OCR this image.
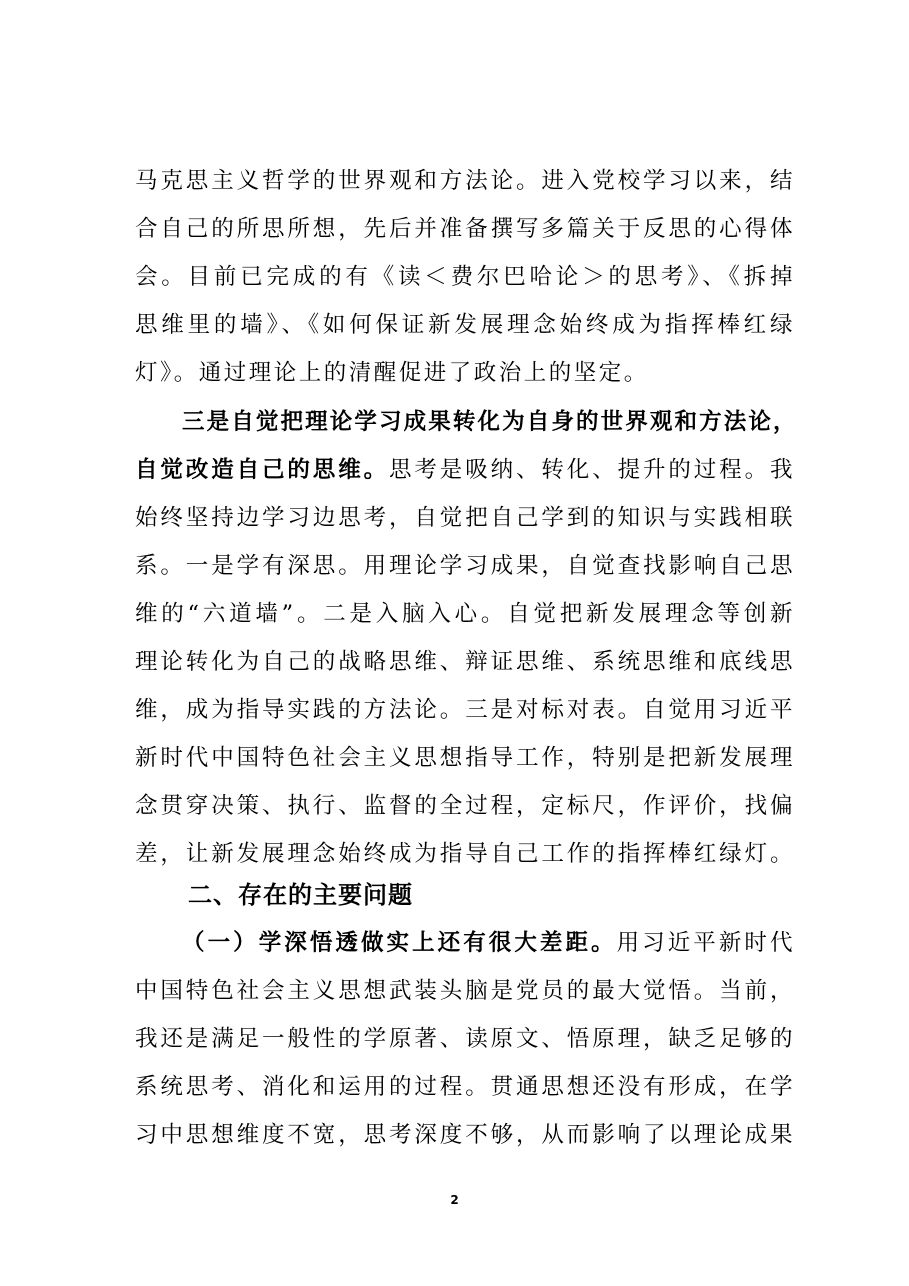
马克思主义哲学的世界观和方法论。进入党校学习以来，结
合自己的所思所想，先后并准备撰写多篇关于反思的心得体
会。目前已完成的有《读＜费尔巴哈论＞的思考》、《拆掉
思维里的墙》、《如何保证新发展理念始终成为指挥棒红绿
灯》。通过理论上的清醒促进了政治上的坚定。
三是自觉把理论学习成果转化为自身的世界观和方法论，
自觉改造自己的思维。思考是吸纳、转化、提升的过程。我
始终坚持边学习边思考，自觉把自己学到的知识与实践相联
系。一是学有深思。用理论学习成果，自觉查找影响自己思
维的“六道墙”。二是入脑入心。自觉把新发展理念等创新
理论转化为自己的战略思维、辩证思维、系统思维和底线思
维，成为指导实践的方法论。三是对标对表。自觉用习近平
新时代中国特色社会主义思想指导工作，特别是把新发展理
念贯穿决策、执行、监督的全过程，定标尺，作评价，找偏
差，让新发展理念始终成为指导自己工作的指挥棒红绿灯。
二、存在的主要问题
（一）学深悟透做实上还有很大差距。用习近平新时代
中国特色社会主义思想武装头脑是党员的最大觉悟。当前，
我还是满足一般性的学原著、读原文、悟原理，缺乏足够的
系统思考、消化和运用的过程。贯通思想还没有形成，在学
习中思想维度不宽，思考深度不够，从而影响了以理论成果
2
